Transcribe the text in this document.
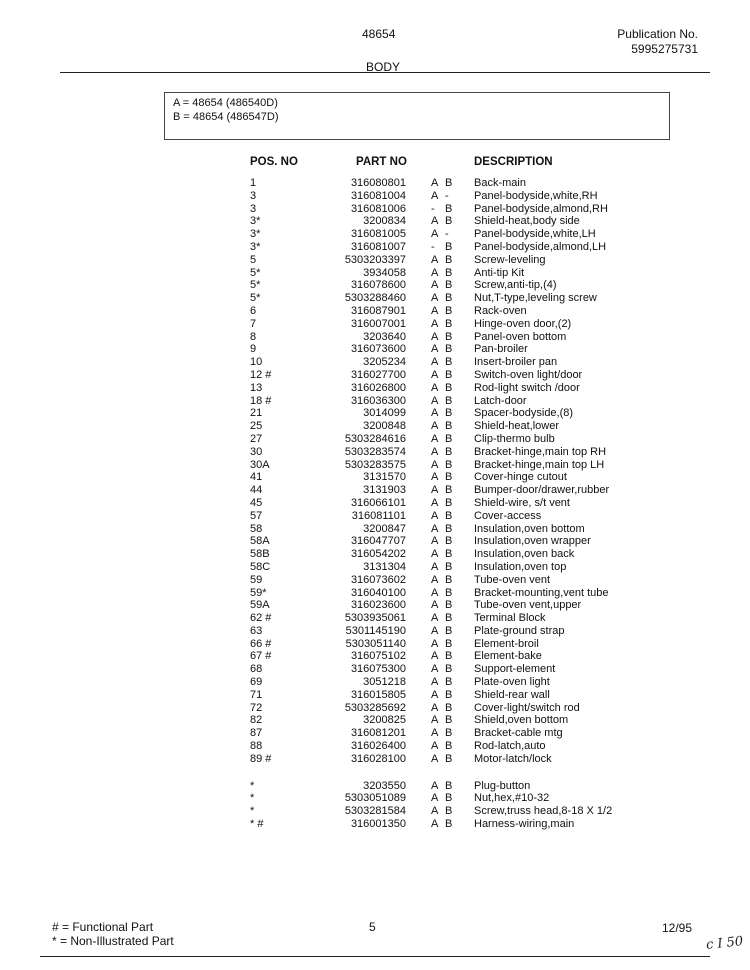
48654	Publication No.
5995275731
BODY
A = 48654 (486540D)
B = 48654 (486547D)
POS. NO	PART NO	DESCRIPTION
1	316080801 A B Back-main
3	316081004 A - Panel-bodyside,white,RH
3	316081006 - B Panel-bodyside,almond,RH
3*	3200834 A B Shield-heat,body side
3*	316081005 A - Panel-bodyside,white,LH
3*	316081007 - B Panel-bodyside,almond,LH
5	5303203397 A B Screw-leveling
5*	3934058 A B Anti-tip Kit
5*	316078600 A B Screw,anti-tip,(4)
5*	5303288460 A B Nut,T-type,leveling screw
6	316087901 A B Rack-oven
7	316007001 A B Hinge-oven door,(2)
8	3203640 A B Panel-oven bottom
9	316073600 A B Pan-broiler
10	3205234 A B Insert-broiler pan
12 #	316027700 A B Switch-oven light/door
13	316026800 A B Rod-light switch /door
18 #	316036300 A B Latch-door
21	3014099 A B Spacer-bodyside,(8)
25	3200848 A B Shield-heat,lower
27	5303284616 A B Clip-thermo bulb
30	5303283574 A B Bracket-hinge,main top RH
30A	5303283575 A B Bracket-hinge,main top LH
41	3131570 A B Cover-hinge cutout
44	3131903 A B Bumper-door/drawer,rubber
45	316066101 A B Shield-wire, s/t vent
57	316081101 A B Cover-access
58	3200847 A B Insulation,oven bottom
58A	316047707 A B Insulation,oven wrapper
58B	316054202 A B Insulation,oven back
58C	3131304 A B Insulation,oven top
59	316073602 A B Tube-oven vent
59*	316040100 A B Bracket-mounting,vent tube
59A	316023600 A B Tube-oven vent,upper
62 #	5303935061 A B Terminal Block
63	5301145190 A B Plate-ground strap
66 #	5303051140 A B Element-broil
67 #	316075102 A B Element-bake
68	316075300 A B Support-element
69	3051218 A B Plate-oven light
71	316015805 A B Shield-rear wall
72	5303285692 A B Cover-light/switch rod
82	3200825 A B Shield,oven bottom
87	316081201 A B Bracket-cable mtg
88	316026400 A B Rod-latch,auto
89 #	316028100 A B Motor-latch/lock
*	3203550 A B Plug-button
*	5303051089 A B Nut,hex,#10-32
*	5303281584 A B Screw,truss head,8-18 X 1/2
* #	316001350 A B Harness-wiring,main
# = Functional Part
* = Non-Illustrated Part
5	12/95
c I 50
